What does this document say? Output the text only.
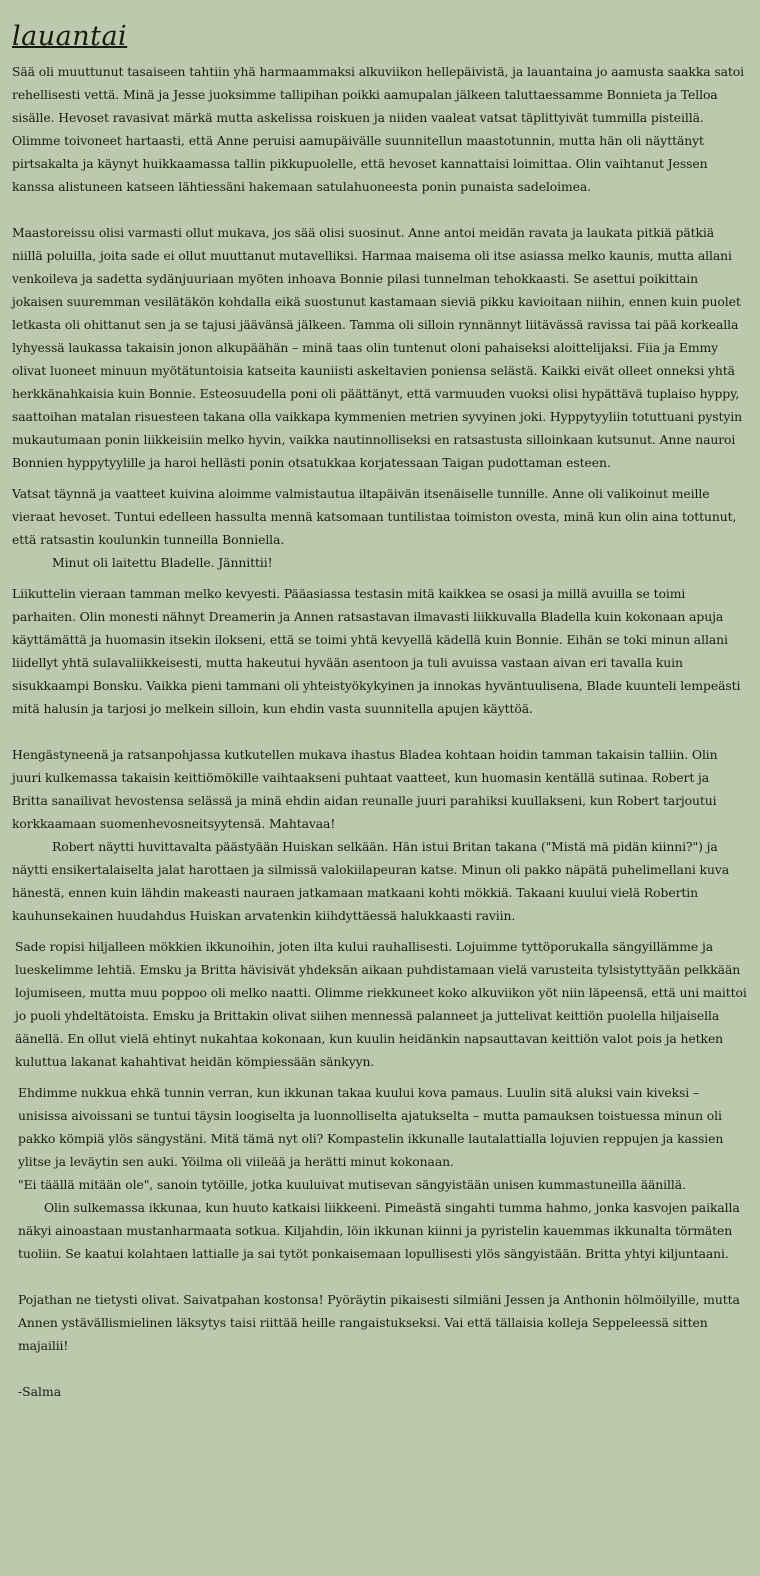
lauantai

Sää oli muuttunut tasaiseen tahtiin yhä harmaammaksi alkuviikon hellepäivistä, ja lauantaina jo aamusta saakka satoi rehellisesti vettä. Minä ja Jesse juoksimme tallipihan poikki aamupalan jälkeen taluttaessamme Bonnieta ja Telloa sisälle. Hevoset ravasivat märkä mutta askelissa roiskuen ja niiden vaaleat vatsat täplittyivät tummilla pisteillä. Olimme toivoneet hartaasti, että Anne peruisi aamupäivälle suunnitellun maastotunnin, mutta hän oli näyttänyt pirtsakalta ja käynyt huikkaamassa tallin pikkupuolelle, että hevoset kannattaisi loimittaa. Olin vaihtanut Jessen kanssa alistuneen katseen lähtiessäni hakemaan satulahuoneesta ponin punaista sadeloimea.

Maastoreissu olisi varmasti ollut mukava, jos sää olisi suosinut. Anne antoi meidän ravata ja laukata pitkiä pätkiä niillä poluilla, joita sade ei ollut muuttanut mutavelliksi. Harmaa maisema oli itse asiassa melko kaunis, mutta allani venkoileva ja sadetta sydänjuuriaan myöten inhoava Bonnie pilasi tunnelman tehokkaasti. Se asettui poikittain jokaisen suuremman vesilätäkön kohdalla eikä suostunut kastamaan sieviä pikku kavioitaan niihin, ennen kuin puolet letkasta oli ohittanut sen ja se tajusi jäävänsä jälkeen. Tamma oli silloin rynnännyt liitävässä ravissa tai pää korkealla lyhyessä laukassa takaisin jonon alkupäähän – minä taas olin tuntenut oloni pahaiseksi aloittelijaksi. Fiia ja Emmy olivat luoneet minuun myötätuntoisia katseita kauniisti askeltavien poniensa selästä. Kaikki eivät olleet onneksi yhtä herkkänahkaisia kuin Bonnie. Esteosuudella poni oli päättänyt, että varmuuden vuoksi olisi hypättävä tuplaiso hyppy, saattoihan matalan risuesteen takana olla vaikkapa kymmenien metrien syvyinen joki. Hyppytyyliin totuttuani pystyin mukautumaan ponin liikkeisiin melko hyvin, vaikka nautinnolliseksi en ratsastusta silloinkaan kutsunut. Anne nauroi Bonnien hyppytyylille ja haroi hellästi ponin otsatukkaa korjatessaan Taigan pudottaman esteen.

Vatsat täynnä ja vaatteet kuivina aloimme valmistautua iltapäivän itsenäiselle tunnille. Anne oli valikoinut meille vieraat hevoset. Tuntui edelleen hassulta mennä katsomaan tuntilistaa toimiston ovesta, minä kun olin aina tottunut, että ratsastin koulunkin tunneilla Bonniella.

Minut oli laitettu Bladelle. Jännittii!

Liikuttelin vieraan tamman melko kevyesti. Pääasiassa testasin mitä kaikkea se osasi ja millä avuilla se toimi parhaiten. Olin monesti nähnyt Dreamerin ja Annen ratsastavan ilmavasti liikkuvalla Bladella kuin kokonaan apuja käyttämättä ja huomasin itsekin ilokseni, että se toimi yhtä kevyellä kädellä kuin Bonnie. Eihän se toki minun allani liidellyt yhtä sulavaliikkeisesti, mutta hakeutui hyvään asentoon ja tuli avuissa vastaan aivan eri tavalla kuin sisukkaampi Bonsku. Vaikka pieni tammani oli yhteistyökykyinen ja innokas hyväntuulisena, Blade kuunteli lempeästi mitä halusin ja tarjosi jo melkein silloin, kun ehdin vasta suunnitella apujen käyttöä.

Hengästyneenä ja ratsanpohjassa kutkutellen mukava ihastus Bladea kohtaan hoidin tamman takaisin talliin. Olin juuri kulkemassa takaisin keittiömökille vaihtaakseni puhtaat vaatteet, kun huomasin kentällä sutinaa. Robert ja Britta sanailivat hevostensa selässä ja minä ehdin aidan reunalle juuri parahiksi kuullakseni, kun Robert tarjoutui korkkaamaan suomenhevosneitsyytensä. Mahtavaa!

Robert näytti huvittavalta päästyään Huiskan selkään. Hän istui Britan takana ("Mistä mä pidän kiinni?") ja näytti ensikertalaiselta jalat harottaen ja silmissä valokiilapeuran katse. Minun oli pakko näpätä puhelimellani kuva hänestä, ennen kuin lähdin makeasti nauraen jatkamaan matkaani kohti mökkiä. Takaani kuului vielä Robertin kauhunsekainen huudahdus Huiskan arvatenkin kiihdyttäessä halukkaasti raviin.

Sade ropisi hiljalleen mökkien ikkunoihin, joten ilta kului rauhallisesti. Lojuimme tyttöporukalla sängyillämme ja lueskelimme lehtiä. Emsku ja Britta hävisivät yhdeksän aikaan puhdistamaan vielä varusteita tylsistyttyään pelkkään lojumiseen, mutta muu poppoo oli melko naatti. Olimme riekkuneet koko alkuviikon yöt niin läpeensä, että uni maittoi jo puoli yhdeltätoista. Emsku ja Brittakin olivat siihen mennessä palanneet ja juttelivat keittiön puolella hiljaisella äänellä. En ollut vielä ehtinyt nukahtaa kokonaan, kun kuulin heidänkin napsauttavan keittiön valot pois ja hetken kuluttua lakanat kahahtivat heidän kömpiessään sänkyyn.

Ehdimme nukkua ehkä tunnin verran, kun ikkunan takaa kuului kova pamaus. Luulin sitä aluksi vain kiveksi – unisissa aivoissani se tuntui täysin loogiselta ja luonnolliselta ajatukselta – mutta pamauksen toistuessa minun oli pakko kömpiä ylös sängystäni. Mitä tämä nyt oli? Kompastelin ikkunalle lautalattialla lojuvien reppujen ja kassien ylitse ja leväytin sen auki. Yöilma oli viileää ja herätti minut kokonaan.

"Ei täällä mitään ole", sanoin tytöille, jotka kuuluivat mutisevan sängyistään unisen kummastuneilla äänillä.

Olin sulkemassa ikkunaa, kun huuto katkaisi liikkeeni. Pimeästä singahti tumma hahmo, jonka kasvojen paikalla näkyi ainoastaan mustanharmaata sotkua. Kiljahdin, löin ikkunan kiinni ja pyristelin kauemmas ikkunalta törmäten tuoliin. Se kaatui kolahtaen lattialle ja sai tytöt ponkaisemaan lopullisesti ylös sängyistään. Britta yhtyi kiljuntaani.

Pojathan ne tietysti olivat. Saivatpahan kostonsa! Pyöräytin pikaisesti silmiäni Jessen ja Anthonin hölmöilyille, mutta Annen ystävällismielinen läksytys taisi riittää heille rangaistukseksi. Vai että tällaisia kolleja Seppeleessä sitten majailii!

-Salma
